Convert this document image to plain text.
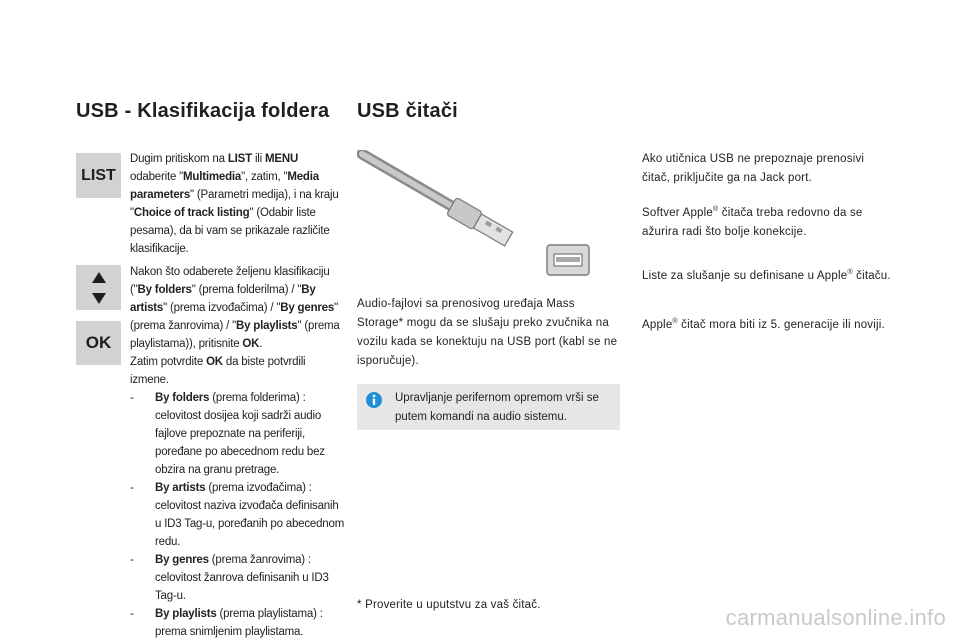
USB - Klasifikacija foldera
LIST
Dugim pritiskom na LIST ili MENU odaberite "Multimedia", zatim, "Media parameters" (Parametri medija), i na kraju "Choice of track listing" (Odabir liste pesama), da bi vam se prikazale različite klasifikacije.
OK
Nakon što odaberete željenu klasifikaciju ("By folders" (prema folderilma) / "By artists" (prema izvođačima) / "By genres" (prema žanrovima) / "By playlists" (prema playlistama)), pritisnite OK.
Zatim potvrdite OK da biste potvrdili izmene.
- By folders (prema folderima) :
celovitost dosijea koji sadrži audio fajlove prepoznate na periferiji, poređane po abecednom redu bez obzira na granu pretrage.
- By artists (prema izvođačima) :
celovitost naziva izvođača definisanih u ID3 Tag-u, poređanih po abecednom redu.
- By genres (prema žanrovima) :
celovitost žanrova definisanih u ID3 Tag-u.
- By playlists (prema playlistama) :
prema snimljenim playlistama.
USB čitači
Audio-fajlovi sa prenosivog uređaja Mass Storage* mogu da se slušaju preko zvučnika na vozilu kada se konektuju na USB port (kabl se ne isporučuje).
Upravljanje perifernom opremom vrši se putem komandi na audio sistemu.
* Proverite u uputstvu za vaš čitač.
Ako utičnica USB ne prepoznaje prenosivi čitač, priključite ga na Jack port.
Softver Apple® čitača treba redovno da se ažurira radi što bolje konekcije.
Liste za slušanje su definisane u Apple® čitaču.
Apple® čitač mora biti iz 5. generacije ili noviji.
carmanualsonline.info
